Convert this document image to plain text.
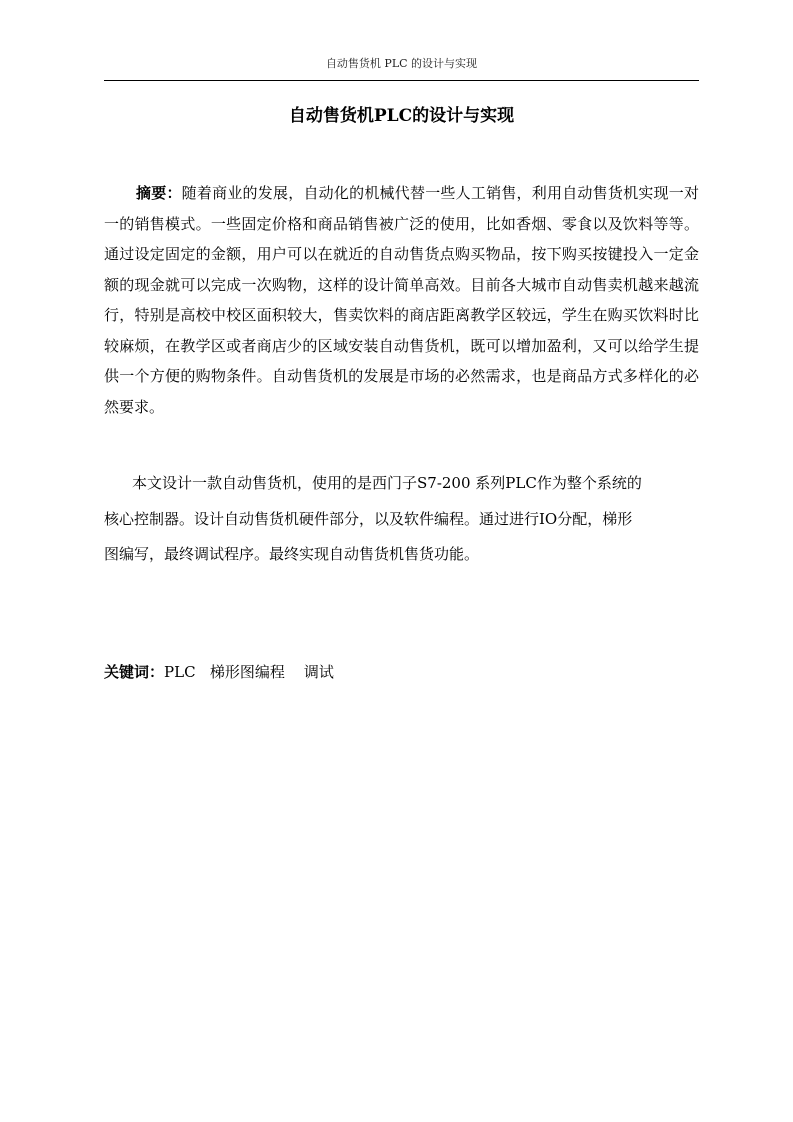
自动售货机 PLC 的设计与实现
自动售货机PLC的设计与实现

摘要：随着商业的发展，自动化的机械代替一些人工销售，利用自动售货机实现一对一的销售模式。一些固定价格和商品销售被广泛的使用，比如香烟、零食以及饮料等等。通过设定固定的金额，用户可以在就近的自动售货点购买物品，按下购买按键投入一定金额的现金就可以完成一次购物，这样的设计简单高效。目前各大城市自动售卖机越来越流行，特别是高校中校区面积较大，售卖饮料的商店距离教学区较远，学生在购买饮料时比较麻烦，在教学区或者商店少的区域安装自动售货机，既可以增加盈利，又可以给学生提供一个方便的购物条件。自动售货机的发展是市场的必然需求，也是商品方式多样化的必然要求。

本文设计一款自动售货机，使用的是西门子S7-200 系列PLC作为整个系统的
核心控制器。设计自动售货机硬件部分，以及软件编程。通过进行IO分配，梯形
图编写，最终调试程序。最终实现自动售货机售货功能。

关键词：PLC   梯形图编程    调试
